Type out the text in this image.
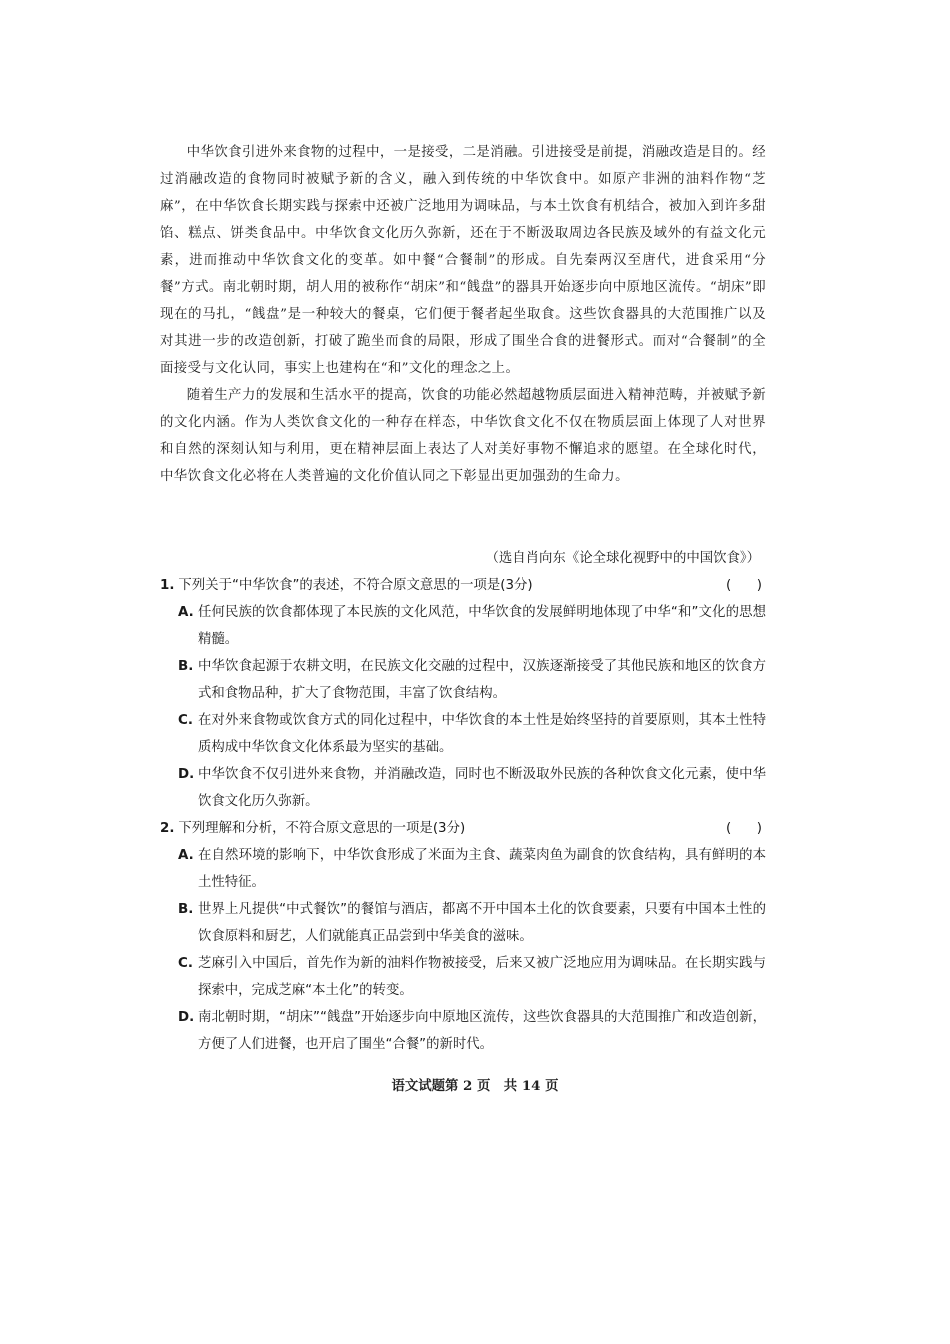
中华饮食引进外来食物的过程中，一是接受，二是消融。引进接受是前提，消融改造是目的。经过消融改造的食物同时被赋予新的含义，融入到传统的中华饮食中。如原产非洲的油料作物“芝麻”，在中华饮食长期实践与探索中还被广泛地用为调味品，与本土饮食有机结合，被加入到许多甜馅、糕点、饼类食品中。中华饮食文化历久弥新，还在于不断汲取周边各民族及域外的有益文化元素，进而推动中华饮食文化的变革。如中餐“合餐制”的形成。自先秦两汉至唐代，进食采用“分餐”方式。南北朝时期，胡人用的被称作“胡床”和“䬻盘”的器具开始逐步向中原地区流传。“胡床”即现在的马扎，“䬻盘”是一种较大的餐桌，它们便于餐者起坐取食。这些饮食器具的大范围推广以及对其进一步的改造创新，打破了跪坐而食的局限，形成了围坐合食的进餐形式。而对“合餐制”的全面接受与文化认同，事实上也建构在“和”文化的理念之上。

随着生产力的发展和生活水平的提高，饮食的功能必然超越物质层面进入精神范畴，并被赋予新的文化内涵。作为人类饮食文化的一种存在样态，中华饮食文化不仅在物质层面上体现了人对世界和自然的深刻认知与利用，更在精神层面上表达了人对美好事物不懈追求的愿望。在全球化时代，中华饮食文化必将在人类普遍的文化价值认同之下彰显出更加强劲的生命力。

（选自肖向东《论全球化视野中的中国饮食》）
1. 下列关于“中华饮食”的表述，不符合原文意思的一项是(3分)	(      )
A. 任何民族的饮食都体现了本民族的文化风范，中华饮食的发展鲜明地体现了中华“和”文化的思想精髓。
B. 中华饮食起源于农耕文明，在民族文化交融的过程中，汉族逐渐接受了其他民族和地区的饮食方式和食物品种，扩大了食物范围，丰富了饮食结构。
C. 在对外来食物或饮食方式的同化过程中，中华饮食的本土性是始终坚持的首要原则，其本土性特质构成中华饮食文化体系最为坚实的基础。
D. 中华饮食不仅引进外来食物，并消融改造，同时也不断汲取外民族的各种饮食文化元素，使中华饮食文化历久弥新。
2. 下列理解和分析，不符合原文意思的一项是(3分)	(      )
A. 在自然环境的影响下，中华饮食形成了米面为主食、蔬菜肉鱼为副食的饮食结构，具有鲜明的本土性特征。
B. 世界上凡提供“中式餐饮”的餐馆与酒店，都离不开中国本土化的饮食要素，只要有中国本土性的饮食原料和厨艺，人们就能真正品尝到中华美食的滋味。
C. 芝麻引入中国后，首先作为新的油料作物被接受，后来又被广泛地应用为调味品。在长期实践与探索中，完成芝麻“本土化”的转变。
D. 南北朝时期，“胡床”“䬻盘”开始逐步向中原地区流传，这些饮食器具的大范围推广和改造创新，方便了人们进餐，也开启了围坐“合餐”的新时代。
语文试题第 2 页　共 14 页
